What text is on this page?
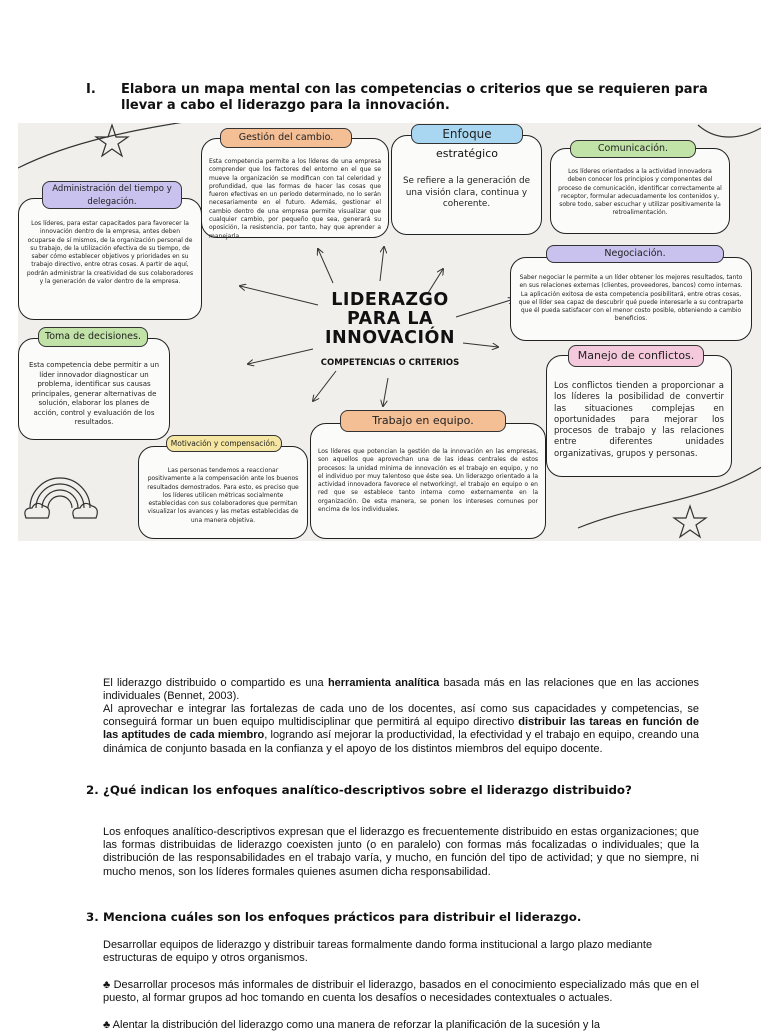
I. Elabora un mapa mental con las competencias o criterios que se requieren para llevar a cabo el liderazgo para la innovación.
Esta competencia permite a los líderes de una empresa comprender que los factores del entorno en el que se mueve la organización se modifican con tal celeridad y profundidad, que las formas de hacer las cosas que fueron efectivas en un período determinado, no lo serán necesariamente en el futuro. Además, gestionar el cambio dentro de una empresa permite visualizar que cualquier cambio, por pequeño que sea, generará su oposición, la resistencia, por tanto, hay que aprender a manejarla.
Gestión del cambio.
Se refiere a la generación de una visión clara, continua y coherente.
Enfoque
estratégico
Los líderes orientados a la actividad innovadora deben conocer los principios y componentes del proceso de comunicación, identificar correctamente al receptor, formular adecuadamente los contenidos y, sobre todo, saber escuchar y utilizar positivamente la retroalimentación.
Comunicación.
Los líderes, para estar capacitados para favorecer la innovación dentro de la empresa, antes deben ocuparse de sí mismos, de la organización personal de su trabajo, de la utilización efectiva de su tiempo, de saber cómo establecer objetivos y prioridades en su trabajo directivo, entre otras cosas. A partir de aquí, podrán administrar la creatividad de sus colaboradores y la generación de valor dentro de la empresa.
Administración del tiempo y delegación.
Saber negociar le permite a un líder obtener los mejores resultados, tanto en sus relaciones externas (clientes, proveedores, bancos) como internas. La aplicación exitosa de esta competencia posibilitará, entre otras cosas, que el líder sea capaz de descubrir qué puede interesarle a su contraparte que él pueda satisfacer con el menor costo posible, obteniendo a cambio beneficios.
Negociación.
Esta competencia debe permitir a un líder innovador diagnosticar un problema, identificar sus causas principales, generar alternativas de solución, elaborar los planes de acción, control y evaluación de los resultados.
Toma de decisiones.
Los conflictos tienden a proporcionar a los líderes la posibilidad de convertir las situaciones complejas en oportunidades para mejorar los procesos de trabajo y las relaciones entre diferentes unidades organizativas, grupos y personas.
Manejo de conflictos.
Las personas tendemos a reaccionar positivamente a la compensación ante los buenos resultados demostrados. Para esto, es preciso que los líderes utilicen métricas socialmente establecidas con sus colaboradores que permitan visualizar los avances y las metas establecidas de una manera objetiva.
Motivación y compensación.
Los líderes que potencian la gestión de la innovación en las empresas, son aquellos que aprovechan una de las ideas centrales de estos procesos: la unidad mínima de innovación es el trabajo en equipo, y no el individuo por muy talentoso que éste sea. Un liderazgo orientado a la actividad innovadora favorece el networking!, el trabajo en equipo o en red que se establece tanto interna como externamente en la organización. De esta manera, se ponen los intereses comunes por encima de los individuales.
Trabajo en equipo.
LIDERAZGO PARA LA INNOVACIÓN
COMPETENCIAS O CRITERIOS
El liderazgo distribuido o compartido es una herramienta analítica basada más en las relaciones que en las acciones individuales (Bennet, 2003).
Al aprovechar e integrar las fortalezas de cada uno de los docentes, así como sus capacidades y competencias, se conseguirá formar un buen equipo multidisciplinar que permitirá al equipo directivo distribuir las tareas en función de las aptitudes de cada miembro, logrando así mejorar la productividad, la efectividad y el trabajo en equipo, creando una dinámica de conjunto basada en la confianza y el apoyo de los distintos miembros del equipo docente.
2. ¿Qué indican los enfoques analítico-descriptivos sobre el liderazgo distribuido?
Los enfoques analítico-descriptivos expresan que el liderazgo es frecuentemente distribuido en estas organizaciones; que las formas distribuidas de liderazgo coexisten junto (o en paralelo) con formas más focalizadas o individuales; que la distribución de las responsabilidades en el trabajo varía, y mucho, en función del tipo de actividad; y que no siempre, ni mucho menos, son los líderes formales quienes asumen dicha responsabilidad.
3. Menciona cuáles son los enfoques prácticos para distribuir el liderazgo.
Desarrollar equipos de liderazgo y distribuir tareas formalmente dando forma institucional a largo plazo mediante estructuras de equipo y otros organismos.
♣ Desarrollar procesos más informales de distribuir el liderazgo, basados en el conocimiento especializado más que en el puesto, al formar grupos ad hoc tomando en cuenta los desafíos o necesidades contextuales o actuales.
♣ Alentar la distribución del liderazgo como una manera de reforzar la planificación de la sucesión y la
